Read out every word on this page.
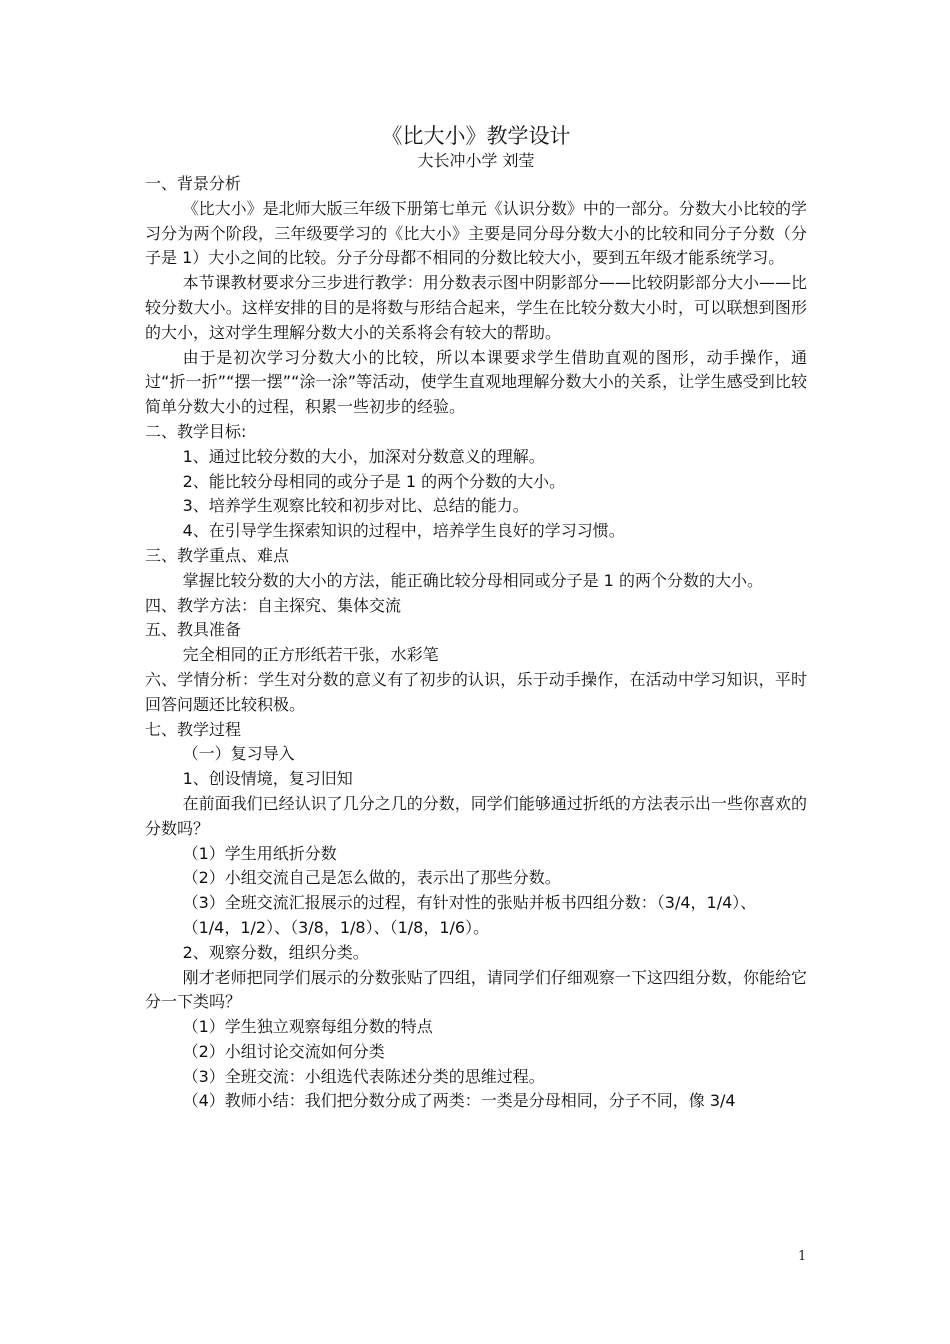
《比大小》教学设计

大长冲小学 刘莹

一、背景分析

《比大小》是北师大版三年级下册第七单元《认识分数》中的一部分。分数大小比较的学习分为两个阶段，三年级要学习的《比大小》主要是同分母分数大小的比较和同分子分数（分子是 1）大小之间的比较。分子分母都不相同的分数比较大小，要到五年级才能系统学习。

本节课教材要求分三步进行教学：用分数表示图中阴影部分——比较阴影部分大小——比较分数大小。这样安排的目的是将数与形结合起来，学生在比较分数大小时，可以联想到图形的大小，这对学生理解分数大小的关系将会有较大的帮助。

由于是初次学习分数大小的比较，所以本课要求学生借助直观的图形，动手操作，通过“折一折”“摆一摆”“涂一涂”等活动，使学生直观地理解分数大小的关系，让学生感受到比较简单分数大小的过程，积累一些初步的经验。

二、教学目标:

1、通过比较分数的大小，加深对分数意义的理解。

2、能比较分母相同的或分子是 1 的两个分数的大小。

3、培养学生观察比较和初步对比、总结的能力。

4、在引导学生探索知识的过程中，培养学生良好的学习习惯。

三、教学重点、难点

掌握比较分数的大小的方法，能正确比较分母相同或分子是 1 的两个分数的大小。

四、教学方法：自主探究、集体交流

五、教具准备

完全相同的正方形纸若干张，水彩笔

六、学情分析：学生对分数的意义有了初步的认识，乐于动手操作，在活动中学习知识，平时回答问题还比较积极。

七、教学过程

（一）复习导入

1、创设情境，复习旧知

在前面我们已经认识了几分之几的分数，同学们能够通过折纸的方法表示出一些你喜欢的分数吗？

（1）学生用纸折分数

（2）小组交流自己是怎么做的，表示出了那些分数。

（3）全班交流汇报展示的过程，有针对性的张贴并板书四组分数：（3/4，1/4）、

（1/4，1/2）、（3/8，1/8）、（1/8，1/6）。

2、观察分数，组织分类。

刚才老师把同学们展示的分数张贴了四组，请同学们仔细观察一下这四组分数，你能给它分一下类吗？

（1）学生独立观察每组分数的特点

（2）小组讨论交流如何分类

（3）全班交流：小组选代表陈述分类的思维过程。

（4）教师小结：我们把分数分成了两类：一类是分母相同，分子不同，像 3/4

1
